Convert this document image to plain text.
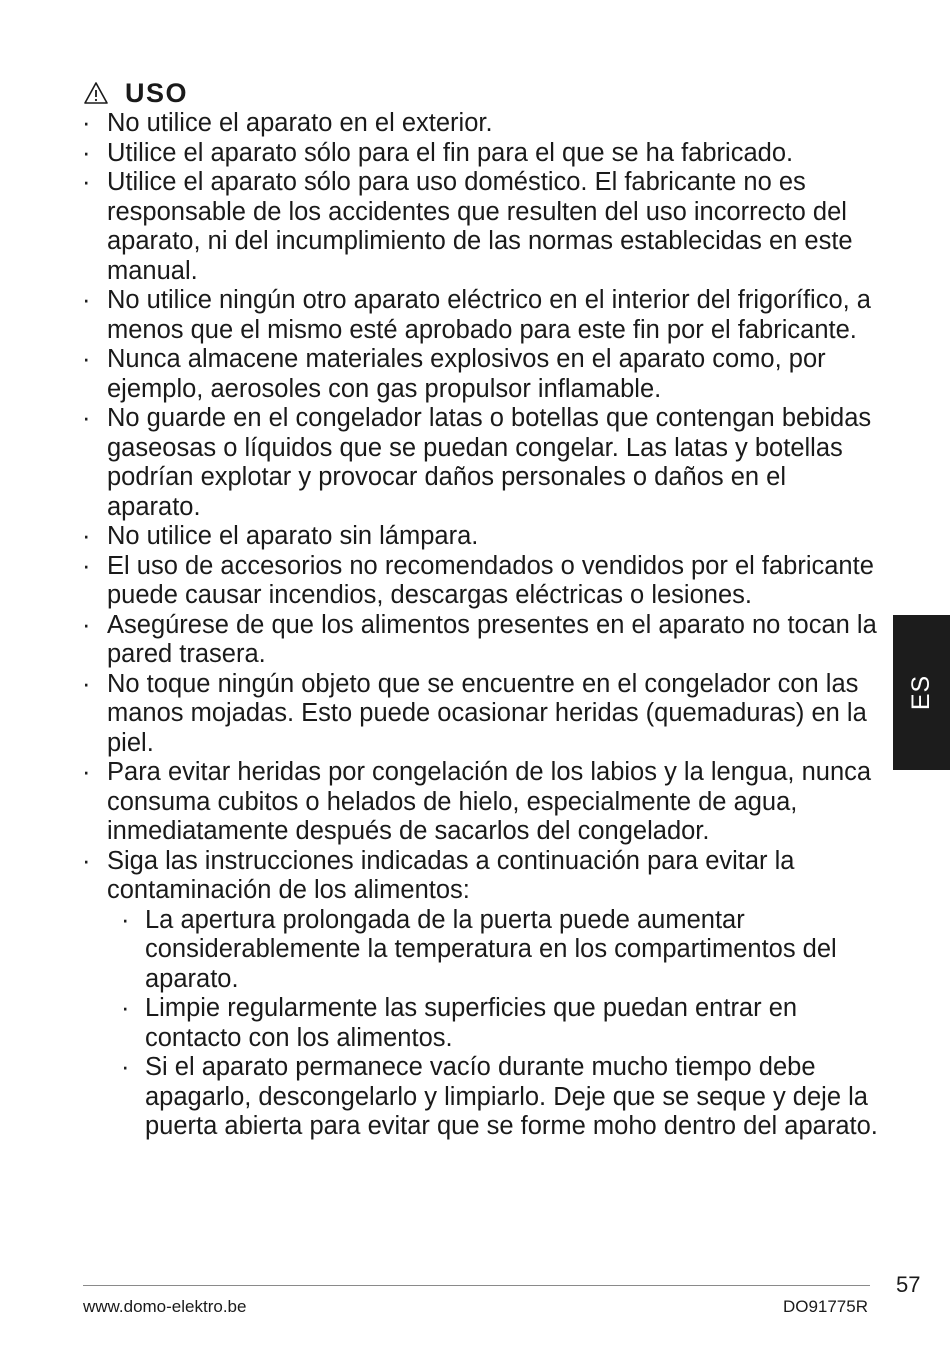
USO
· No utilice el aparato en el exterior.
· Utilice el aparato sólo para el fin para el que se ha fabricado.
· Utilice el aparato sólo para uso doméstico. El fabricante no es responsable de los accidentes que resulten del uso incorrecto del aparato, ni del incumplimiento de las normas establecidas en este manual.
· No utilice ningún otro aparato eléctrico en el interior del frigorífico, a menos que el mismo esté aprobado para este fin por el fabricante.
· Nunca almacene materiales explosivos en el aparato como, por ejemplo, aerosoles con gas propulsor inflamable.
· No guarde en el congelador latas o botellas que contengan bebidas gaseosas o líquidos que se puedan congelar. Las latas y botellas podrían explotar y provocar daños personales o daños en el aparato.
· No utilice el aparato sin lámpara.
· El uso de accesorios no recomendados o vendidos por el fabricante puede causar incendios, descargas eléctricas o lesiones.
· Asegúrese de que los alimentos presentes en el aparato no tocan la pared trasera.
· No toque ningún objeto que se encuentre en el congelador con las manos mojadas. Esto puede ocasionar heridas (quemaduras) en la piel.
· Para evitar heridas por congelación de los labios y la lengua, nunca consuma cubitos o helados de hielo, especialmente de agua, inmediatamente después de sacarlos del congelador.
· Siga las instrucciones indicadas a continuación para evitar la contaminación de los alimentos:
· La apertura prolongada de la puerta puede aumentar considerablemente la temperatura en los compartimentos del aparato.
· Limpie regularmente las superficies que puedan entrar en contacto con los alimentos.
· Si el aparato permanece vacío durante mucho tiempo debe apagarlo, descongelarlo y limpiarlo. Deje que se seque y deje la puerta abierta para evitar que se forme moho dentro del aparato.
ES
57
www.domo-elektro.be	DO91775R
